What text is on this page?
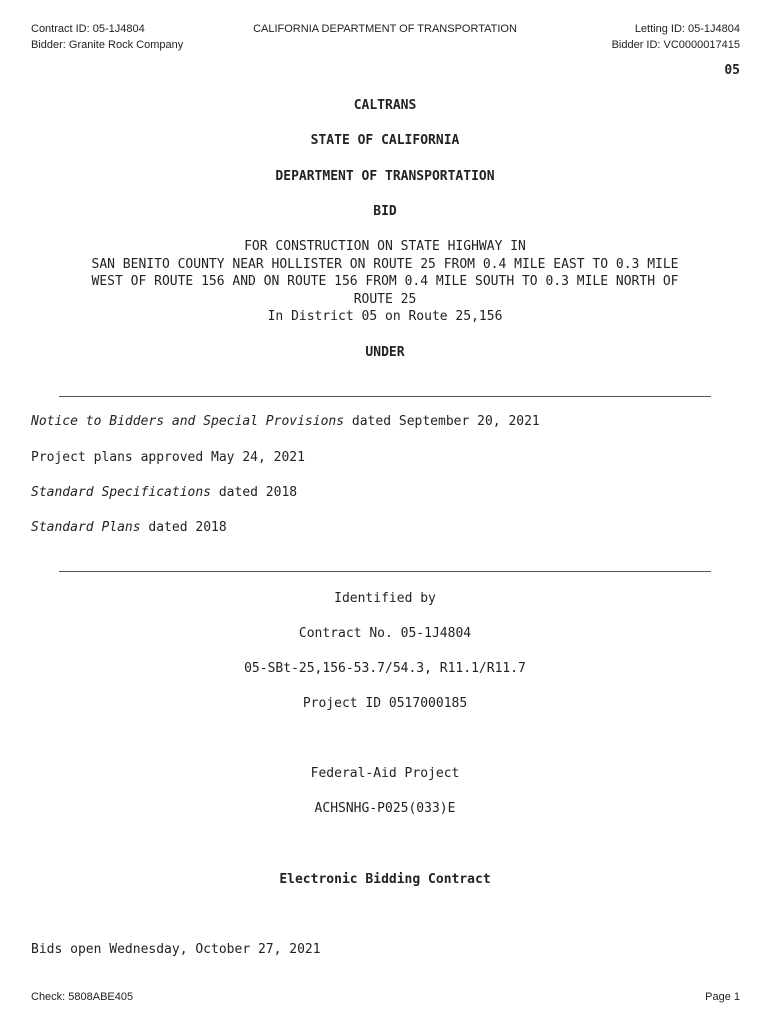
Contract ID: 05-1J4804
Bidder: Granite Rock Company
CALIFORNIA DEPARTMENT OF TRANSPORTATION	Letting ID: 05-1J4804
Bidder ID: VC0000017415
05
CALTRANS
STATE OF CALIFORNIA
DEPARTMENT OF TRANSPORTATION
BID
FOR CONSTRUCTION ON STATE HIGHWAY IN
SAN BENITO COUNTY NEAR HOLLISTER ON ROUTE 25 FROM 0.4 MILE EAST TO 0.3 MILE
WEST OF ROUTE 156 AND ON ROUTE 156 FROM 0.4 MILE SOUTH TO 0.3 MILE NORTH OF
ROUTE 25
In District 05 on Route 25,156
UNDER
Notice to Bidders and Special Provisions dated September 20, 2021
Project plans approved May 24, 2021
Standard Specifications dated 2018
Standard Plans dated 2018
Identified by
Contract No. 05-1J4804
05-SBt-25,156-53.7/54.3, R11.1/R11.7
Project ID 0517000185
Federal-Aid Project
ACHSNHG-P025(033)E
Electronic Bidding Contract
Bids open Wednesday, October 27, 2021
Check: 5808ABE405	Page 1
